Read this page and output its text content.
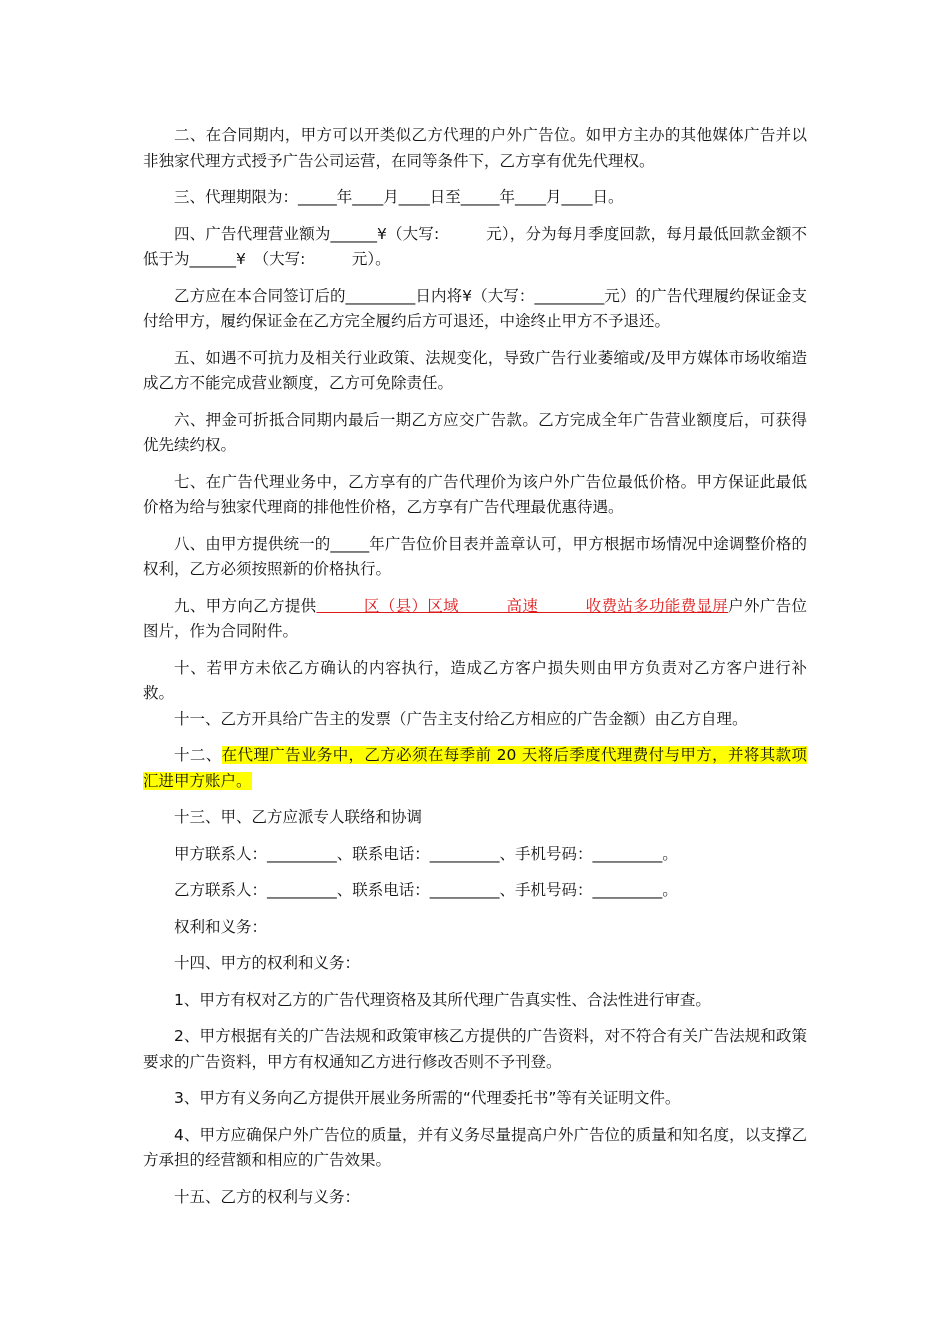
二、在合同期内，甲方可以开类似乙方代理的户外广告位。如甲方主办的其他媒体广告并以非独家代理方式授予广告公司运营，在同等条件下，乙方享有优先代理权。

三、代理期限为：_____年____月____日至_____年____月____日。

四、广告代理营业额为______¥（大写:　　　元），分为每月季度回款，每月最低回款金额不低于为______¥　（大写:　　　元）。

乙方应在本合同签订后的_________日内将¥（大写：_________元）的广告代理履约保证金支付给甲方，履约保证金在乙方完全履约后方可退还，中途终止甲方不予退还。

五、如遇不可抗力及相关行业政策、法规变化，导致广告行业萎缩或/及甲方媒体市场收缩造成乙方不能完成营业额度，乙方可免除责任。

六、押金可折抵合同期内最后一期乙方应交广告款。乙方完成全年广告营业额度后，可获得优先续约权。

七、在广告代理业务中，乙方享有的广告代理价为该户外广告位最低价格。甲方保证此最低价格为给与独家代理商的排他性价格，乙方享有广告代理最优惠待遇。

八、由甲方提供统一的_____年广告位价目表并盖章认可，甲方根据市场情况中途调整价格的权利，乙方必须按照新的价格执行。

九、甲方向乙方提供　　　区（县）区域　　　高速　　　收费站多功能费显屏户外广告位图片，作为合同附件。

十、若甲方未依乙方确认的内容执行，造成乙方客户损失则由甲方负责对乙方客户进行补救。

十一、乙方开具给广告主的发票（广告主支付给乙方相应的广告金额）由乙方自理。

十二、在代理广告业务中，乙方必须在每季前 20 天将后季度代理费付与甲方，并将其款项汇进甲方账户。

十三、甲、乙方应派专人联络和协调

甲方联系人：_________、联系电话：_________、手机号码：_________。

乙方联系人：_________、联系电话：_________、手机号码：_________。

权利和义务：

十四、甲方的权利和义务：

1、甲方有权对乙方的广告代理资格及其所代理广告真实性、合法性进行审查。

2、甲方根据有关的广告法规和政策审核乙方提供的广告资料，对不符合有关广告法规和政策要求的广告资料，甲方有权通知乙方进行修改否则不予刊登。

3、甲方有义务向乙方提供开展业务所需的“代理委托书”等有关证明文件。

4、甲方应确保户外广告位的质量，并有义务尽量提高户外广告位的质量和知名度，以支撑乙方承担的经营额和相应的广告效果。

十五、乙方的权利与义务：
